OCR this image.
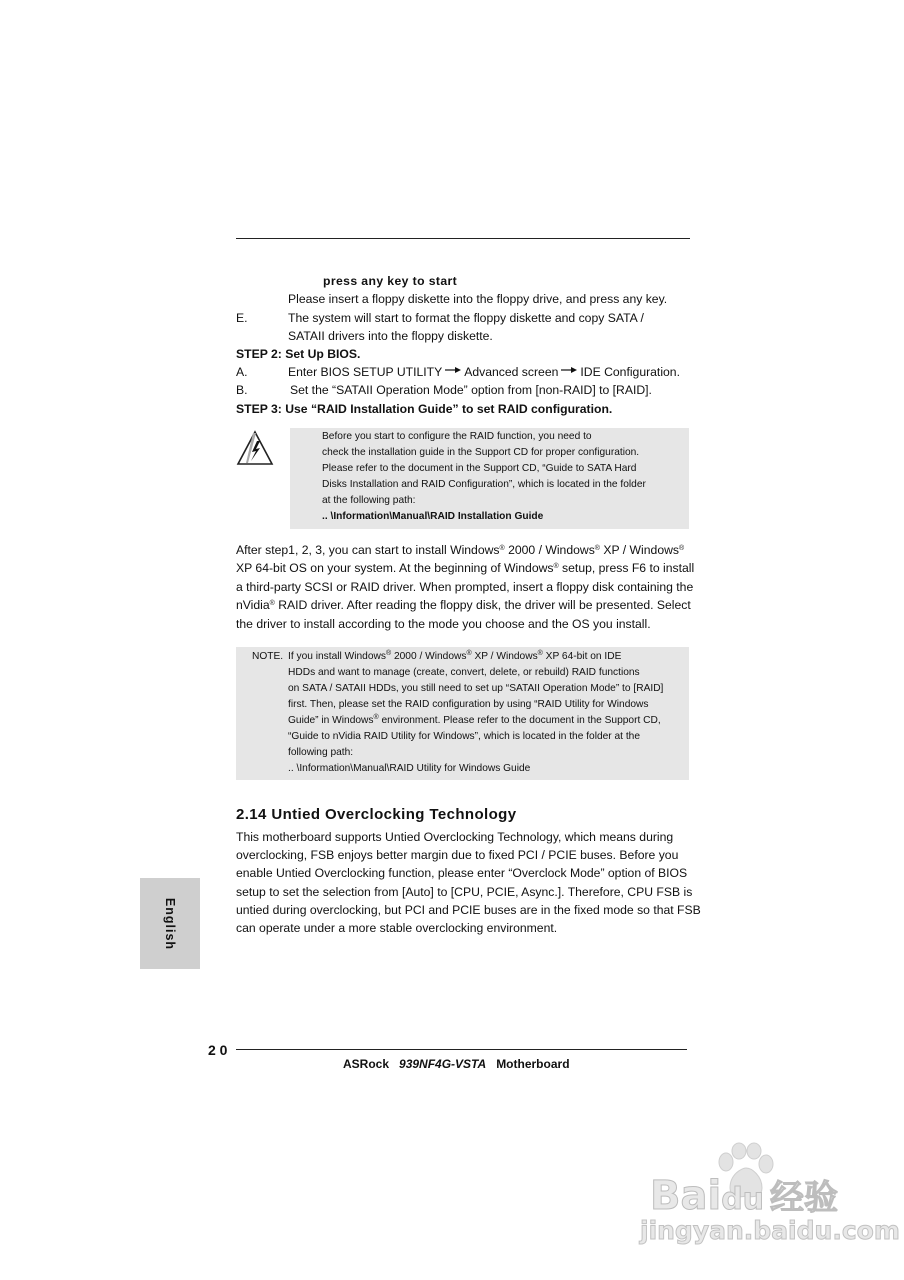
press any key to start
Please insert a floppy diskette into the floppy drive, and press any key.
E.	The system will start to format the floppy diskette and copy SATA /
SATAII drivers into the floppy diskette.
STEP 2: Set Up BIOS.
A.	Enter BIOS SETUP UTILITY Advanced screen IDE Configuration.
B.	Set the “SATAII Operation Mode” option from [non-RAID] to [RAID].
STEP 3: Use “RAID Installation Guide” to set RAID configuration.
Before you start to configure the RAID function, you need to
check the installation guide in the Support CD for proper configuration.
Please refer to the document in the Support CD, “Guide to SATA Hard
Disks Installation and RAID Configuration”, which is located in the folder
at the following path:
.. \Information\Manual\RAID Installation Guide
After step1, 2, 3, you can start to install Windows® 2000 / Windows® XP / Windows®
XP 64-bit OS on your system. At the beginning of Windows® setup, press F6 to install
a third-party SCSI or RAID driver. When prompted, insert a floppy disk containing the
nVidia® RAID driver. After reading the floppy disk, the driver will be presented. Select
the driver to install according to the mode you choose and the OS you install.
NOTE. If you install Windows® 2000 / Windows® XP / Windows® XP 64-bit on IDE
HDDs and want to manage (create, convert, delete, or rebuild) RAID functions
on SATA / SATAII HDDs, you still need to set up “SATAII Operation Mode” to [RAID]
first. Then, please set the RAID configuration by using “RAID Utility for Windows
Guide” in Windows® environment. Please refer to the document in the Support CD,
“Guide to nVidia RAID Utility for Windows”, which is located in the folder at the
following path:
.. \Information\Manual\RAID Utility for Windows Guide
2.14 Untied Overclocking Technology
This motherboard supports Untied Overclocking Technology, which means during
overclocking, FSB enjoys better margin due to fixed PCI / PCIE buses. Before you
enable Untied Overclocking function, please enter “Overclock Mode” option of BIOS
setup to set the selection from [Auto] to [CPU, PCIE, Async.]. Therefore, CPU FSB is
untied during overclocking, but PCI and PCIE buses are in the fixed mode so that FSB
can operate under a more stable overclocking environment.
English
2 0
ASRock 939NF4G-VSTA Motherboard
Baidu 经验
jingyan.baidu.com
